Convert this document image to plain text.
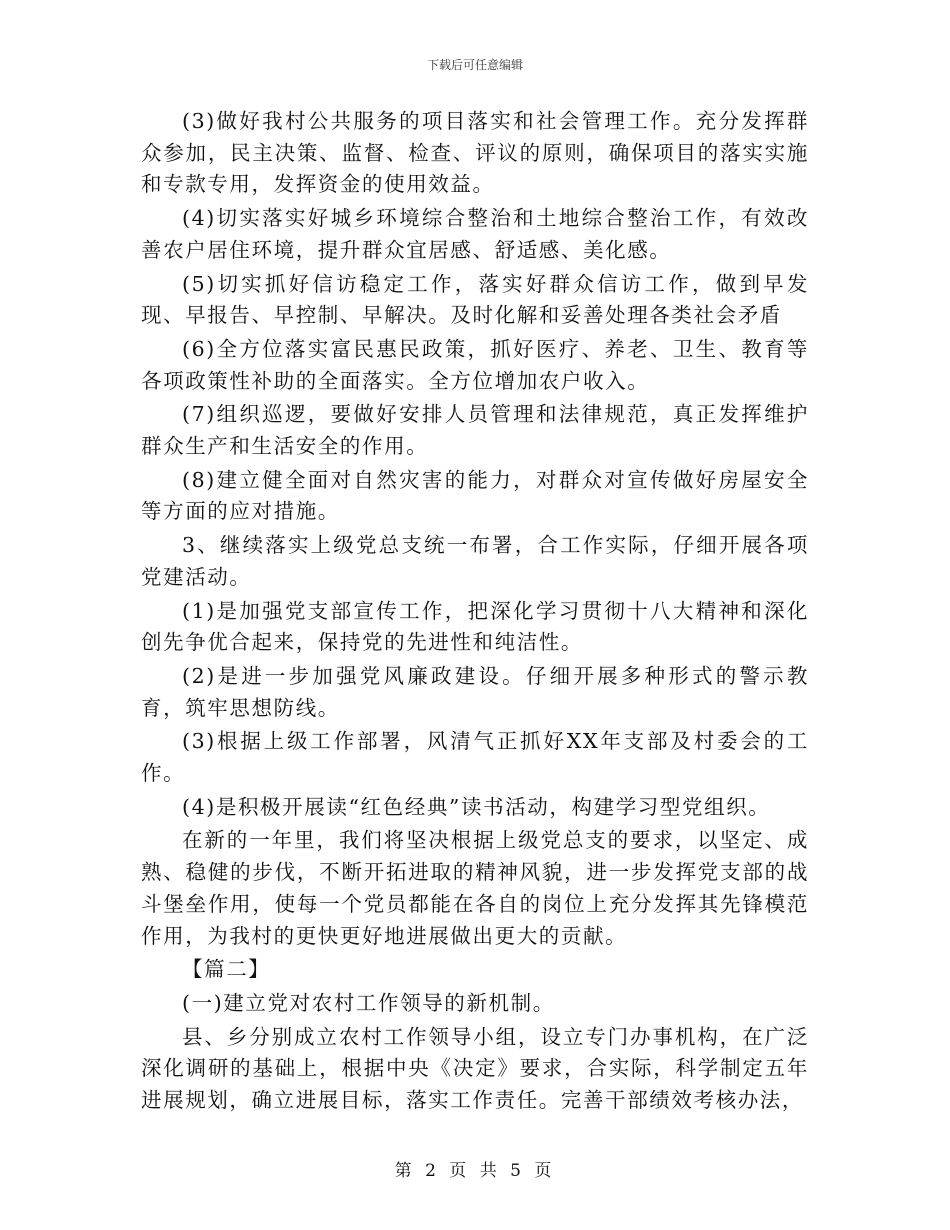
下载后可任意编辑

(3)做好我村公共服务的项目落实和社会管理工作。充分发挥群众参加，民主决策、监督、检查、评议的原则，确保项目的落实实施和专款专用，发挥资金的使用效益。

(4)切实落实好城乡环境综合整治和土地综合整治工作，有效改善农户居住环境，提升群众宜居感、舒适感、美化感。

(5)切实抓好信访稳定工作，落实好群众信访工作，做到早发现、早报告、早控制、早解决。及时化解和妥善处理各类社会矛盾

(6)全方位落实富民惠民政策，抓好医疗、养老、卫生、教育等各项政策性补助的全面落实。全方位增加农户收入。

(7)组织巡逻，要做好安排人员管理和法律规范，真正发挥维护群众生产和生活安全的作用。

(8)建立健全面对自然灾害的能力，对群众对宣传做好房屋安全等方面的应对措施。

3、继续落实上级党总支统一布署，合工作实际，仔细开展各项党建活动。

(1)是加强党支部宣传工作，把深化学习贯彻十八大精神和深化创先争优合起来，保持党的先进性和纯洁性。

(2)是进一步加强党风廉政建设。仔细开展多种形式的警示教育，筑牢思想防线。

(3)根据上级工作部署，风清气正抓好XX年支部及村委会的工作。

(4)是积极开展读“红色经典”读书活动，构建学习型党组织。

在新的一年里，我们将坚决根据上级党总支的要求，以坚定、成熟、稳健的步伐，不断开拓进取的精神风貌，进一步发挥党支部的战斗堡垒作用，使每一个党员都能在各自的岗位上充分发挥其先锋模范作用，为我村的更快更好地进展做出更大的贡献。

【篇二】

(一)建立党对农村工作领导的新机制。

县、乡分别成立农村工作领导小组，设立专门办事机构，在广泛深化调研的基础上，根据中央《决定》要求，合实际，科学制定五年进展规划，确立进展目标，落实工作责任。完善干部绩效考核办法，

第 2 页 共 5 页
